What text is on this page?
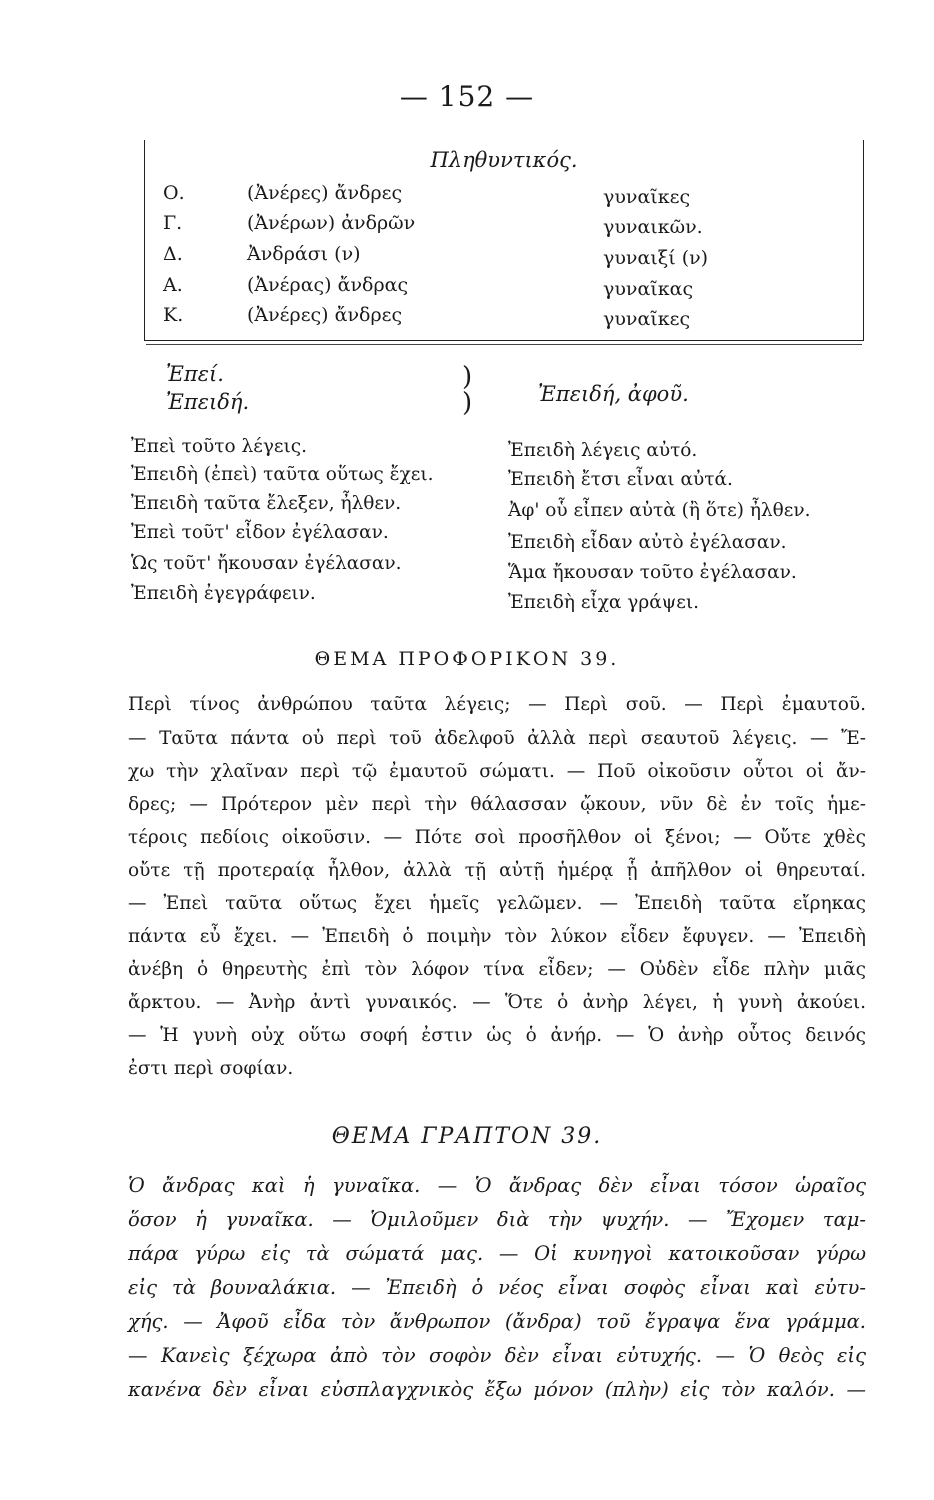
— 152 —
Πληθυντικός.
Ο.	(Ἀνέρες) ἄνδρες	γυναῖκες
Γ.	(Ἀνέρων) ἀνδρῶν	γυναικῶν.
Δ.	Ἀνδράσι (ν)	γυναιξί (ν)
Α.	(Ἀνέρας) ἄνδρας	γυναῖκας
Κ.	(Ἀνέρες) ἄνδρες	γυναῖκες
Ἐπεί.
Ἐπειδή.
)
)	Ἐπειδή, ἀφοῦ.
Ἐπεὶ τοῦτο λέγεις.
Ἐπειδὴ (ἐπεὶ) ταῦτα οὕτως ἔχει.
Ἐπειδὴ ταῦτα ἔλεξεν, ἦλθεν.
Ἐπεὶ τοῦτ' εἶδον ἐγέλασαν.
Ὡς τοῦτ' ἤκουσαν ἐγέλασαν.
Ἐπειδὴ ἐγεγράφειν.
Ἐπειδὴ λέγεις αὐτό.
Ἐπειδὴ ἔτσι εἶναι αὐτά.
Ἀφ' οὗ εἶπεν αὐτὰ (ἢ ὅτε) ἦλθεν.
Ἐπειδὴ εἶδαν αὐτὸ ἐγέλασαν.
Ἅμα ἤκουσαν τοῦτο ἐγέλασαν.
Ἐπειδὴ εἶχα γράψει.
ΘΕΜΑ ΠΡΟΦΟΡΙΚΟΝ 39.
Περὶ τίνος ἀνθρώπου ταῦτα λέγεις; — Περὶ σοῦ. — Περὶ ἐμαυτοῦ.
— Ταῦτα πάντα οὐ περὶ τοῦ ἀδελφοῦ ἀλλὰ περὶ σεαυτοῦ λέγεις. — Ἔ-
χω τὴν χλαῖναν περὶ τῷ ἐμαυτοῦ σώματι. — Ποῦ οἰκοῦσιν οὗτοι οἱ ἄν-
δρες; — Πρότερον μὲν περὶ τὴν θάλασσαν ᾤκουν, νῦν δὲ ἐν τοῖς ἡμε-
τέροις πεδίοις οἰκοῦσιν. — Πότε σοὶ προσῆλθον οἱ ξένοι; — Οὔτε χθὲς
οὔτε τῇ προτεραίᾳ ἦλθον, ἀλλὰ τῇ αὐτῇ ἡμέρᾳ ᾗ ἀπῆλθον οἱ θηρευταί.
— Ἐπεὶ ταῦτα οὕτως ἔχει ἡμεῖς γελῶμεν. — Ἐπειδὴ ταῦτα εἴρηκας
πάντα εὖ ἔχει. — Ἐπειδὴ ὁ ποιμὴν τὸν λύκον εἶδεν ἔφυγεν. — Ἐπειδὴ
ἀνέβη ὁ θηρευτὴς ἐπὶ τὸν λόφον τίνα εἶδεν; — Οὐδὲν εἶδε πλὴν μιᾶς
ἄρκτου. — Ἀνὴρ ἀντὶ γυναικός. — Ὅτε ὁ ἀνὴρ λέγει, ἡ γυνὴ ἀκούει.
— Ἡ γυνὴ οὐχ οὕτω σοφή ἐστιν ὡς ὁ ἀνήρ. — Ὁ ἀνὴρ οὗτος δεινός
ἐστι περὶ σοφίαν.
ΘΕΜΑ ΓΡΑΠΤΟΝ 39.
Ὁ ἄνδρας καὶ ἡ γυναῖκα. — Ὁ ἄνδρας δὲν εἶναι τόσον ὡραῖος
ὅσον ἡ γυναῖκα. — Ὁμιλοῦμεν διὰ τὴν ψυχήν. — Ἔχομεν ταμ-
πάρα γύρω εἰς τὰ σώματά μας. — Οἱ κυνηγοὶ κατοικοῦσαν γύρω
εἰς τὰ βουναλάκια. — Ἐπειδὴ ὁ νέος εἶναι σοφὸς εἶναι καὶ εὐτυ-
χής. — Ἀφοῦ εἶδα τὸν ἄνθρωπον (ἄνδρα) τοῦ ἔγραψα ἕνα γράμμα.
— Κανεὶς ξέχωρα ἀπὸ τὸν σοφὸν δὲν εἶναι εὐτυχής. — Ὁ θεὸς εἰς
κανένα δὲν εἶναι εὐσπλαγχνικὸς ἔξω μόνον (πλὴν) εἰς τὸν καλόν. —
